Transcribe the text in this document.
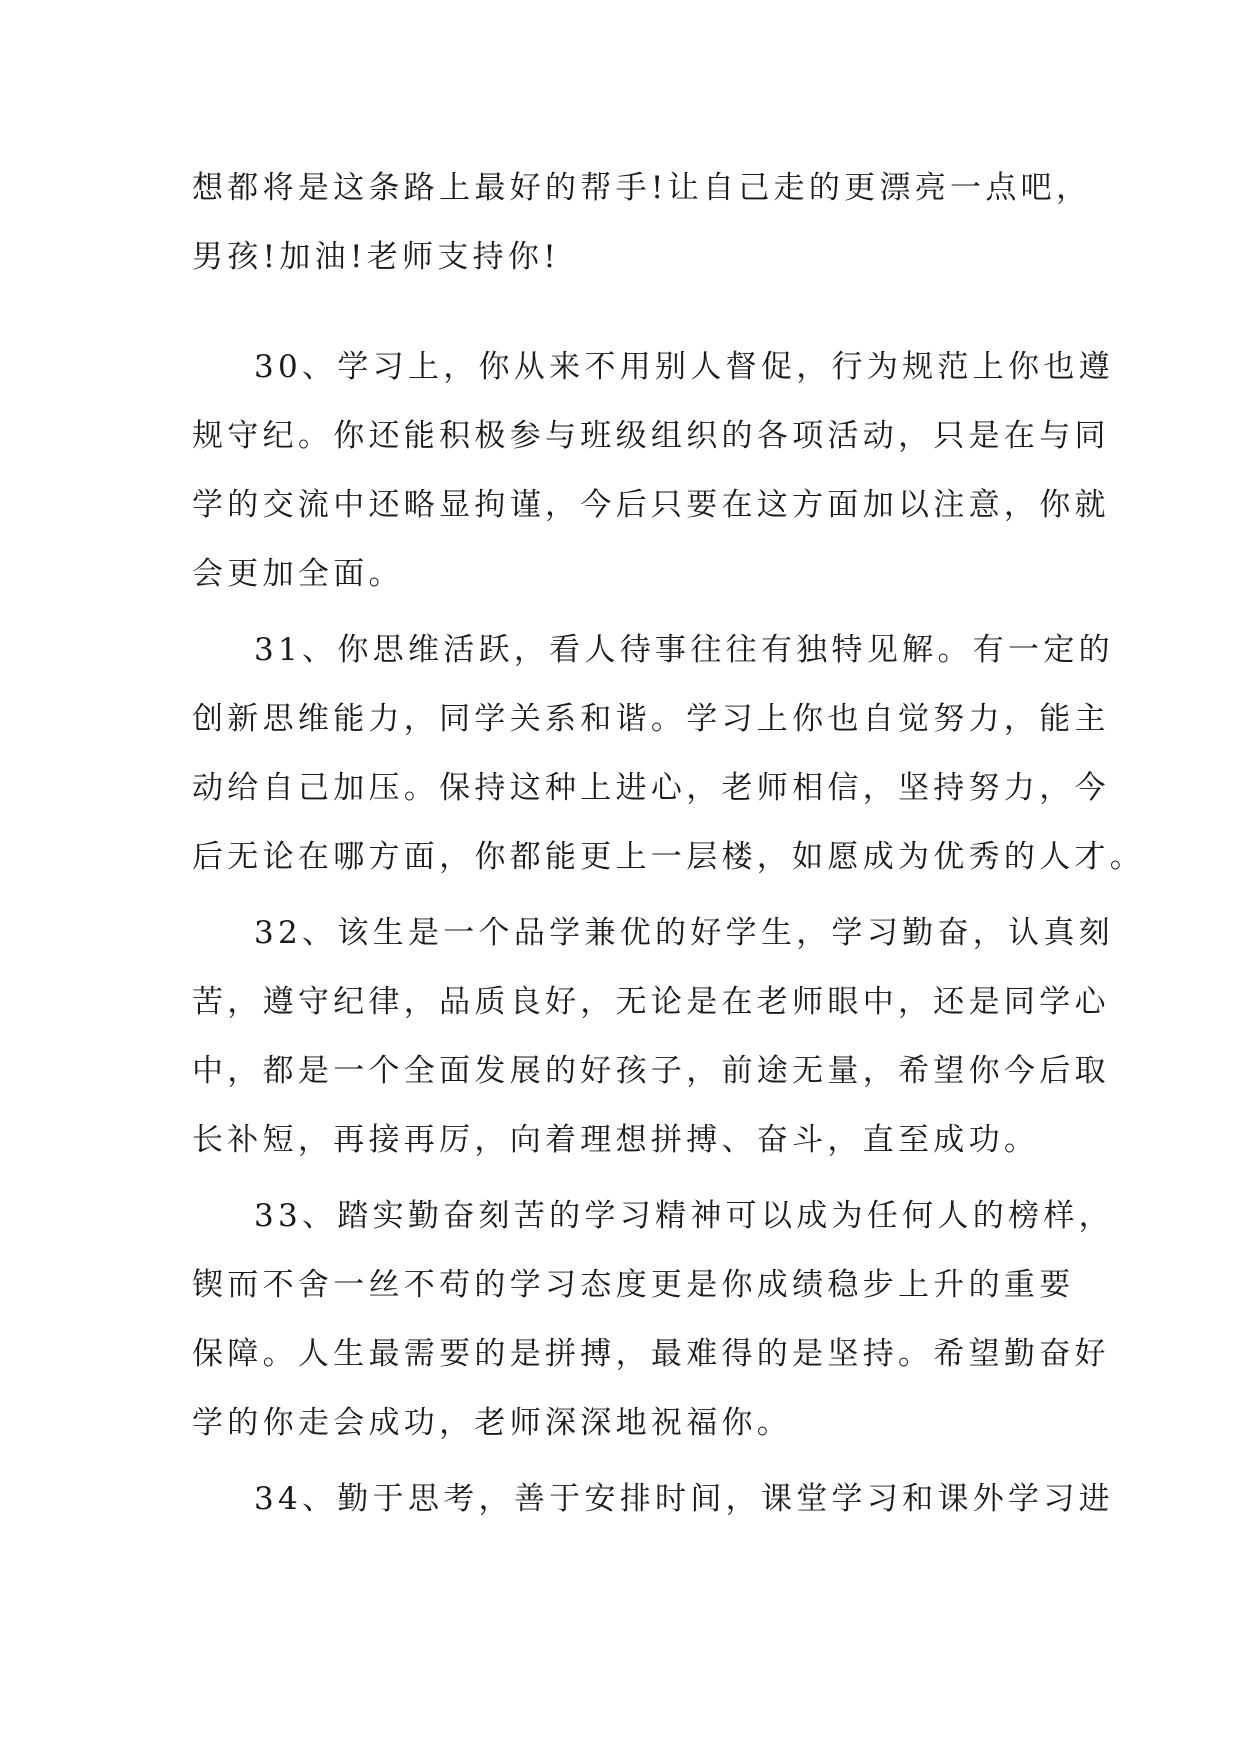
想都将是这条路上最好的帮手!让自己走的更漂亮一点吧，
男孩!加油!老师支持你!

30、学习上，你从来不用别人督促，行为规范上你也遵
规守纪。你还能积极参与班级组织的各项活动，只是在与同
学的交流中还略显拘谨，今后只要在这方面加以注意，你就
会更加全面。

31、你思维活跃，看人待事往往有独特见解。有一定的
创新思维能力，同学关系和谐。学习上你也自觉努力，能主
动给自己加压。保持这种上进心，老师相信，坚持努力，今
后无论在哪方面，你都能更上一层楼，如愿成为优秀的人才。

32、该生是一个品学兼优的好学生，学习勤奋，认真刻
苦，遵守纪律，品质良好，无论是在老师眼中，还是同学心
中，都是一个全面发展的好孩子，前途无量，希望你今后取
长补短，再接再厉，向着理想拼搏、奋斗，直至成功。

33、踏实勤奋刻苦的学习精神可以成为任何人的榜样，
锲而不舍一丝不苟的学习态度更是你成绩稳步上升的重要
保障。人生最需要的是拼搏，最难得的是坚持。希望勤奋好
学的你走会成功，老师深深地祝福你。

34、勤于思考，善于安排时间，课堂学习和课外学习进
